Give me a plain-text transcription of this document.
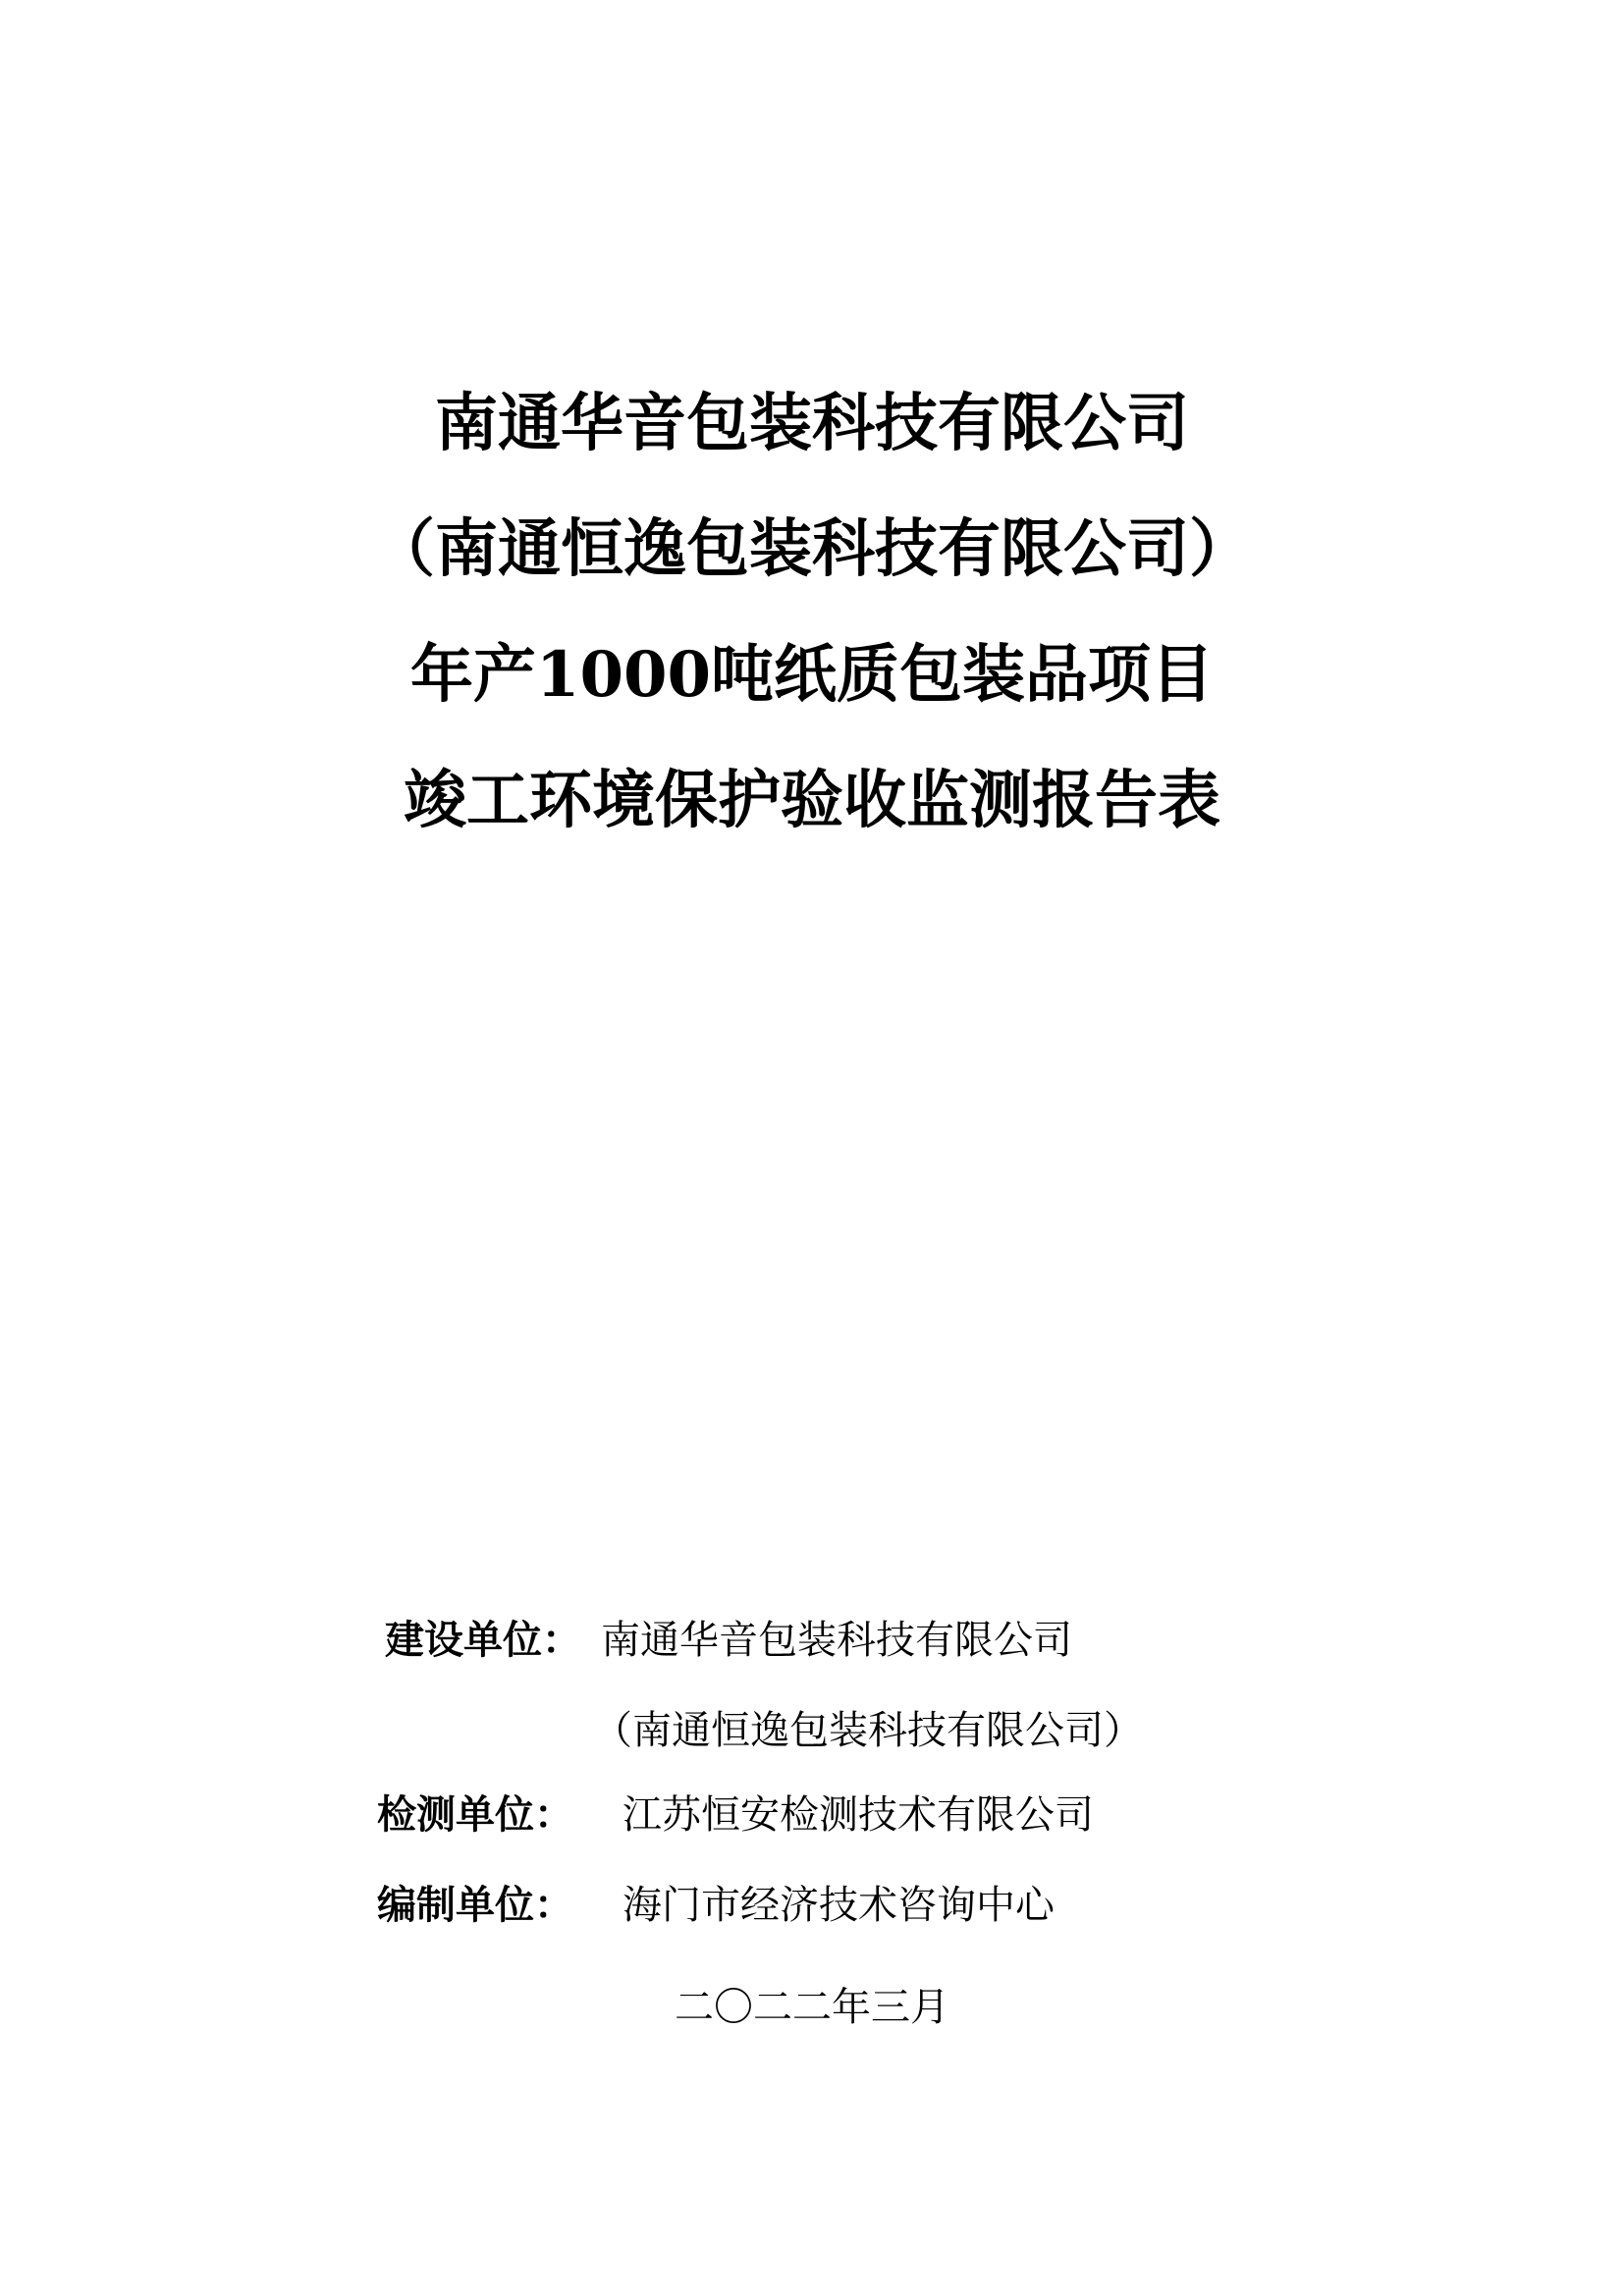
南通华音包装科技有限公司
（南通恒逸包装科技有限公司）
年产1000吨纸质包装品项目
竣工环境保护验收监测报告表
建设单位： 南通华音包装科技有限公司
（南通恒逸包装科技有限公司）
检测单位： 江苏恒安检测技术有限公司
编制单位： 海门市经济技术咨询中心
二〇二二年三月
